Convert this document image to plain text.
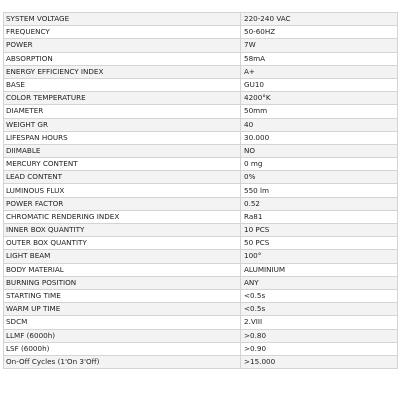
SYSTEM VOLTAGE	220-240 VAC
FREQUENCY	50-60HZ
POWER	7W
ABSORPTION	58mA
ENERGY EFFICIENCY INDEX	A+
BASE	GU10
COLOR TEMPERATURE	4200°K
DIAMETER	50mm
WEIGHT GR	40
LIFESPAN HOURS	30.000
DIIMABLE	NO
MERCURY CONTENT	0 mg
LEAD CONTENT	0%
LUMINOUS FLUX	550 lm
POWER FACTOR	0.52
CHROMATIC RENDERING INDEX	Ra81
INNER BOX QUANTITY	10 PCS
OUTER BOX QUANTITY	50 PCS
LIGHT BEAM	100°
BODY MATERIAL	ALUMINIUM
BURNING POSITION	ANY
STARTING TIME	<0.5s
WARM UP TIME	<0.5s
SDCM	2.VIII
LLMF (6000h)	>0.80
LSF (6000h)	>0.90
On-Off Cycles (1'On 3'Off)	>15.000
